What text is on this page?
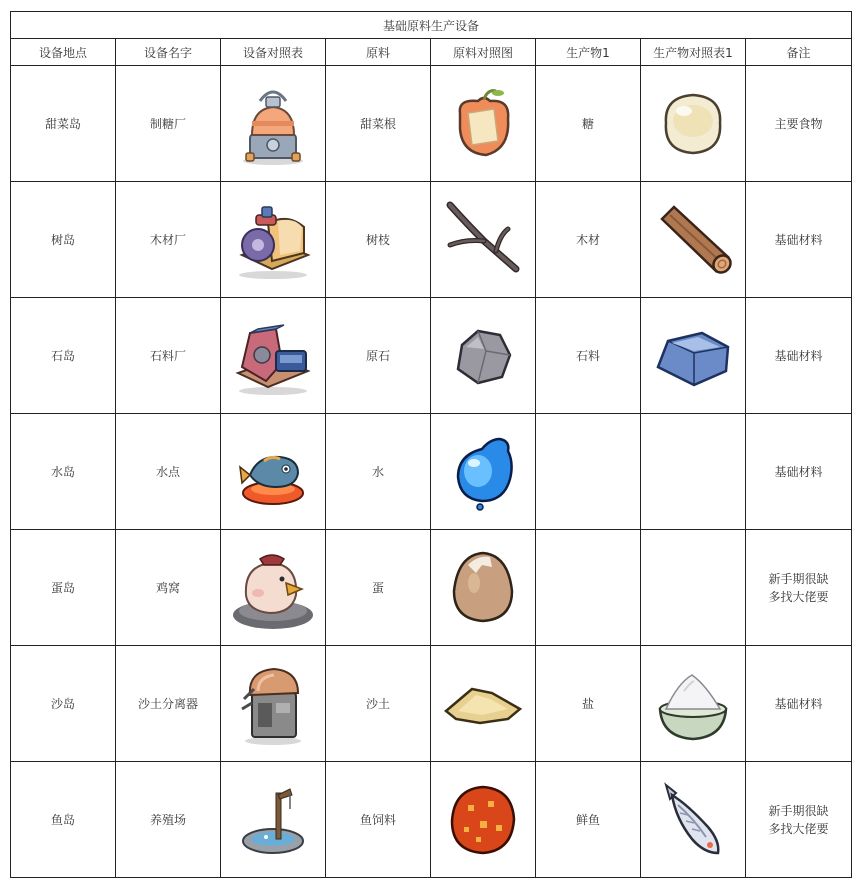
基础原料生产设备							
设备地点	设备名字	设备对照表	原料	原料对照图	生产物1	生产物对照表1	备注
甜菜岛	制糖厂		甜菜根		糖		主要食物

树岛	木材厂		树枝		木材		基础材料

石岛	石料厂		原石		石料		基础材料

水岛	水点		水				基础材料

蛋岛	鸡窝		蛋				新手期很缺
多找大佬要

沙岛	沙土分离器		沙土		盐		基础材料

鱼岛	养殖场		鱼饲料		鲜鱼		新手期很缺
多找大佬要
